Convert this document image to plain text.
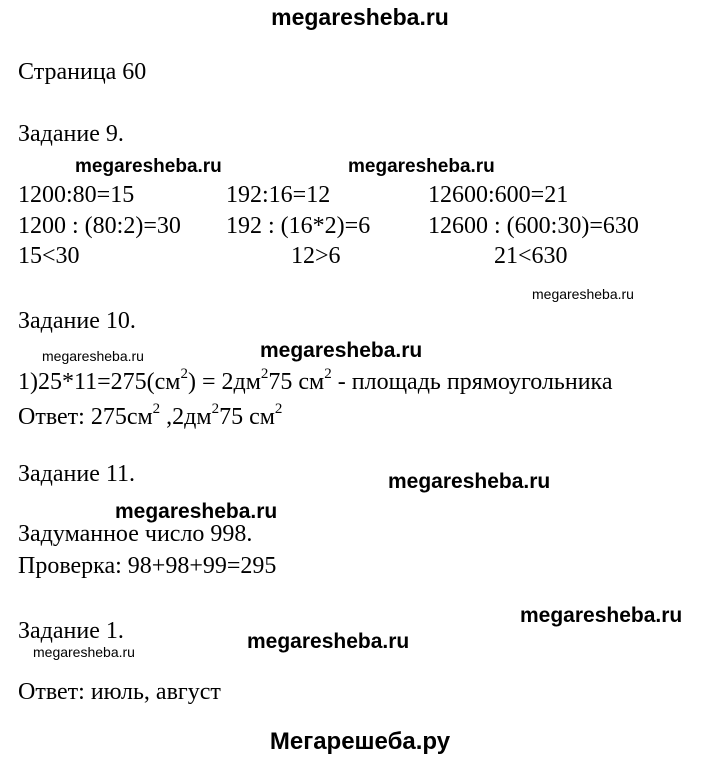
megaresheba.ru
Страница 60
Задание 9.
megaresheba.ru	megaresheba.ru
1200:80=15	192:16=12	12600:600=21
1200 : (80:2)=30 192 : (16*2)=6 12600 : (600:30)=630
15<30	12>6	21<630
megaresheba.ru
Задание 10.
megaresheba.ru	megaresheba.ru
$1)25*11=275(см^2) = 2дм^275$ $см^2$ - площадь прямоугольника
Ответ: $275см^2$ $,2дм^275$ $см^2$
Задание 11.	megaresheba.ru
megaresheba.ru
Задуманное число 998.
Проверка: 98+98+99=295
megaresheba.ru
Задание 1.	megaresheba.ru
megaresheba.ru
Ответ: июль, август
Мегарешеба.ру
